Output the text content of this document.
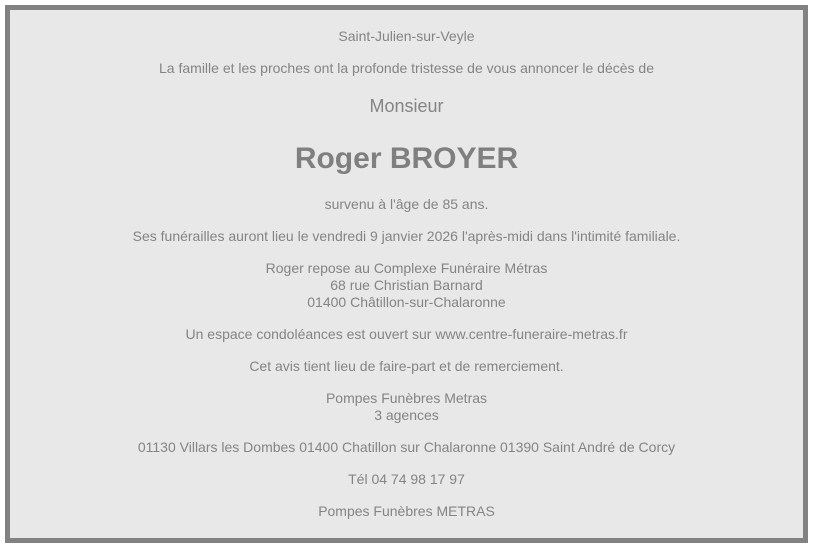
Saint-Julien-sur-Veyle

La famille et les proches ont la profonde tristesse de vous annoncer le décès de

Monsieur

Roger BROYER

survenu à l'âge de 85 ans.

Ses funérailles auront lieu le vendredi 9 janvier 2026 l'après-midi dans l'intimité familiale.

Roger repose au Complexe Funéraire Métras
68 rue Christian Barnard
01400 Châtillon-sur-Chalaronne

Un espace condoléances est ouvert sur www.centre-funeraire-metras.fr

Cet avis tient lieu de faire-part et de remerciement.

Pompes Funèbres Metras
3 agences

01130 Villars les Dombes 01400 Chatillon sur Chalaronne 01390 Saint André de Corcy

Tél 04 74 98 17 97

Pompes Funèbres METRAS
